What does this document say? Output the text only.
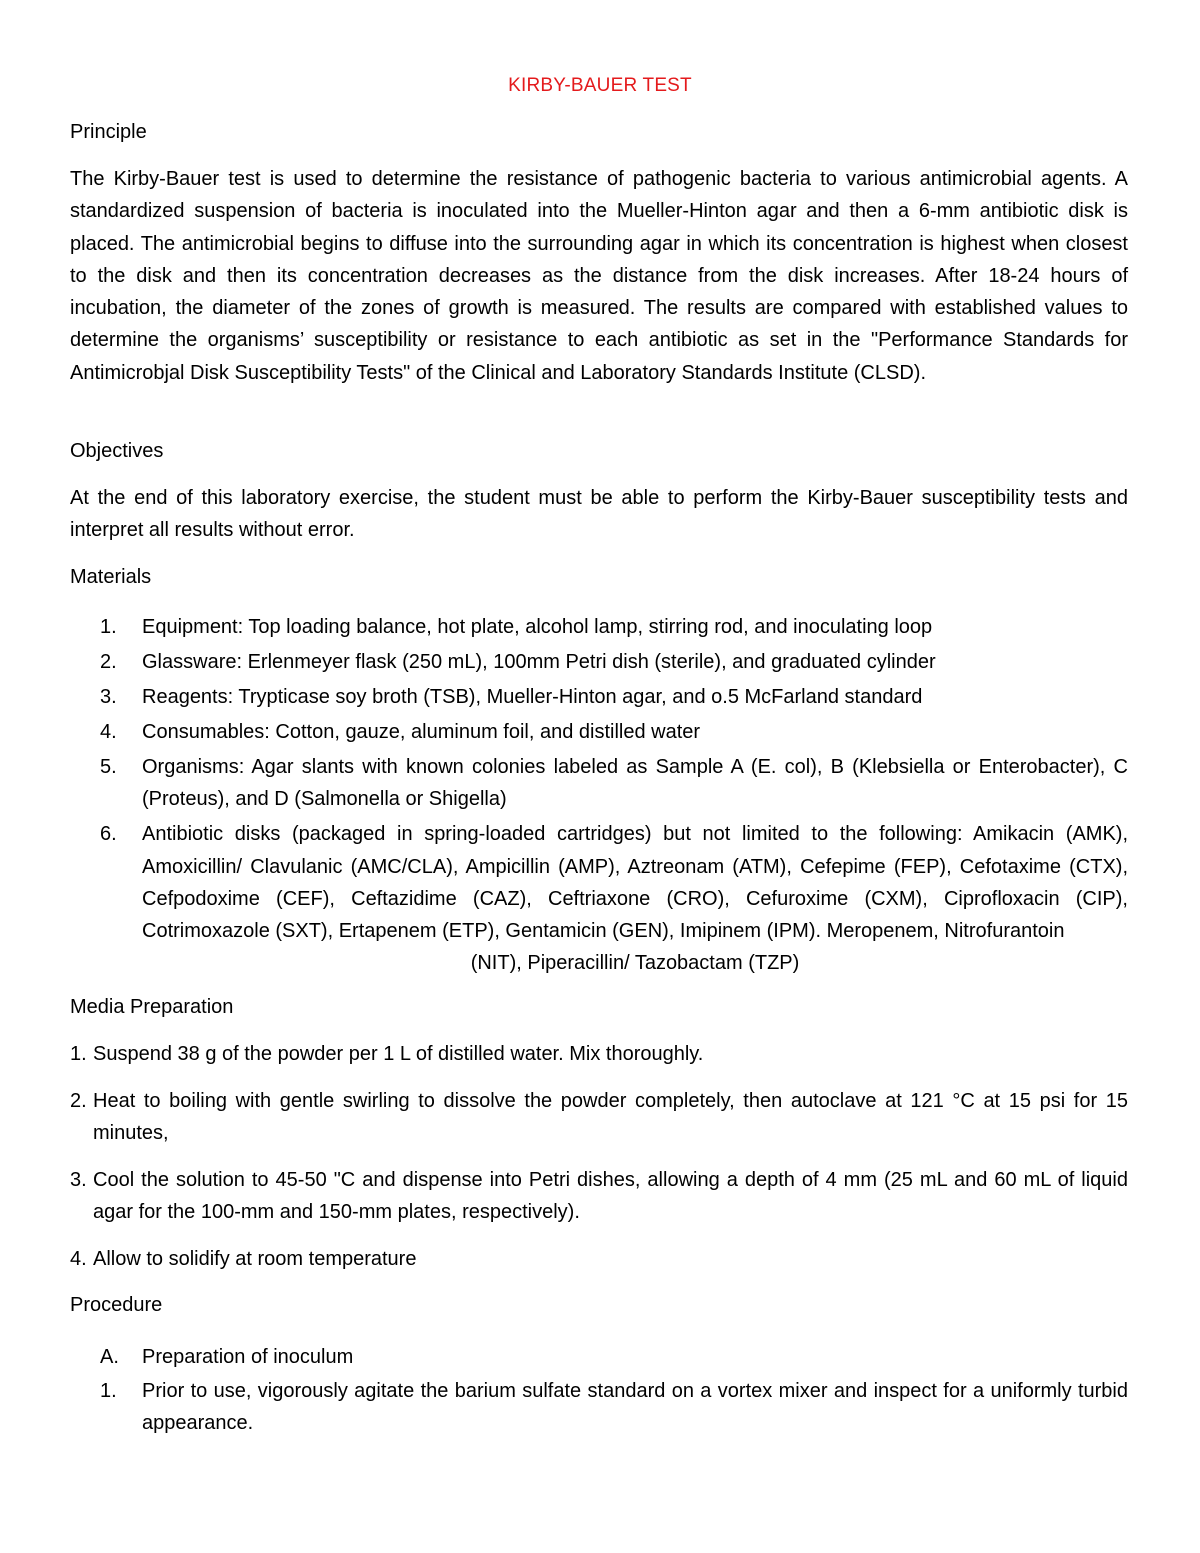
KIRBY-BAUER TEST
Principle
The Kirby-Bauer test is used to determine the resistance of pathogenic bacteria to various antimicrobial agents. A standardized suspension of bacteria is inoculated into the Mueller-Hinton agar and then a 6-mm antibiotic disk is placed. The antimicrobial begins to diffuse into the surrounding agar in which its concentration is highest when closest to the disk and then its concentration decreases as the distance from the disk increases. After 18-24 hours of incubation, the diameter of the zones of growth is measured. The results are compared with established values to determine the organisms’ susceptibility or resistance to each antibiotic as set in the "Performance Standards for Antimicrobjal Disk Susceptibility Tests" of the Clinical and Laboratory Standards Institute (CLSD).
Objectives
At the end of this laboratory exercise, the student must be able to perform the Kirby-Bauer susceptibility tests and interpret all results without error.
Materials
1.	Equipment: Top loading balance, hot plate, alcohol lamp, stirring rod, and inoculating loop
2.	Glassware: Erlenmeyer flask (250 mL), 100mm Petri dish (sterile), and graduated cylinder
3.	Reagents: Trypticase soy broth (TSB), Mueller-Hinton agar, and o.5 McFarland standard
4.	Consumables: Cotton, gauze, aluminum foil, and distilled water
5.	Organisms: Agar slants with known colonies labeled as Sample A (E. col), B (Klebsiella or Enterobacter), C (Proteus), and D (Salmonella or Shigella)
6.	Antibiotic disks (packaged in spring-loaded cartridges) but not limited to the following: Amikacin (AMK), Amoxicillin/ Clavulanic (AMC/CLA), Ampicillin (AMP), Aztreonam (ATM), Cefepime (FEP), Cefotaxime (CTX), Cefpodoxime (CEF), Ceftazidime (CAZ), Ceftriaxone (CRO), Cefuroxime (CXM), Ciprofloxacin (CIP), Cotrimoxazole (SXT), Ertapenem (ETP), Gentamicin (GEN), Imipinem (IPM). Meropenem, Nitrofurantoin
(NIT), Piperacillin/ Tazobactam (TZP)
Media Preparation
1. Suspend 38 g of the powder per 1 L of distilled water. Mix thoroughly.
2. Heat to boiling with gentle swirling to dissolve the powder completely, then autoclave at 121 °C at 15 psi for 15 minutes,
3. Cool the solution to 45-50 "C and dispense into Petri dishes, allowing a depth of 4 mm (25 mL and 60 mL of liquid agar for the 100-mm and 150-mm plates, respectively).
4. Allow to solidify at room temperature
Procedure
A.	Preparation of inoculum
1.	Prior to use, vigorously agitate the barium sulfate standard on a vortex mixer and inspect for a uniformly turbid appearance.
